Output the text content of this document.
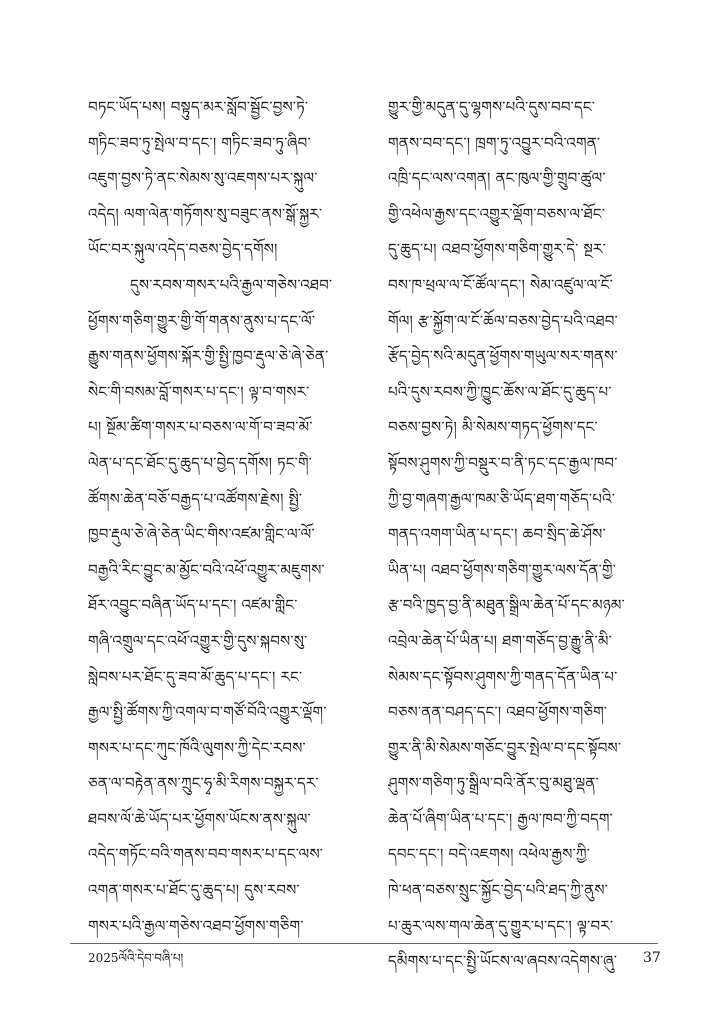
བཏང་ཡོད་པས། བསྟུད་མར་སློབ་སྦྱོང་བྱས་ཏེ་
གཏིང་ཟབ་ཏུ་སྤེལ་བ་དང་། གཏིང་ཟབ་ཏུ་ཞིབ་
འཇུག་བྱས་ཏེ་ནང་སེམས་སུ་འཇགས་པར་སྐུལ་
འདེད། ལག་ལེན་གཏོགས་སུ་བཟུང་ནས་སྒོ་སྐྱར་
ཡོང་བར་སྐུལ་འདེད་བཅས་བྱེད་དགོས།
དུས་རབས་གསར་པའི་རྒྱལ་གཅེས་འཐབ་
ཕྱོགས་གཅིག་གྱུར་གྱི་གོ་གནས་ནུས་པ་དང་ལོ་
རྒྱུས་གནས་ཕྱོགས་སྐོར་གྱི་སྤྱི་ཁྱབ་རྡུལ་ཅེ་ཞེ་ཅེན་
སེང་གི་བསམ་བློ་གསར་པ་དང་། ལྟ་བ་གསར་
པ། སྔོམ་ཚིག་གསར་པ་བཅས་ལ་གོ་བ་ཟབ་མོ་
ལེན་པ་དང་ཐོང་དུ་ཆུད་པ་བྱེད་དགོས། ཏང་གི་
ཚོགས་ཆེན་བཅོ་བརྒྱད་པ་འཚོགས་རྗེས། སྤྱི་
ཁྱབ་རྡུལ་ཅེ་ཞེ་ཅེན་ཡིང་གིས་འཛམ་གླིང་ལ་ལོ་
བརྒྱའི་རིང་བྱུང་མ་མྱོང་བའི་འཕོ་འགྱུར་མཇུགས་
ཐོར་འབྱུང་བཞིན་ཡོད་པ་དང་། འཛམ་གླིང་
གཞི་འགྲུལ་དང་འཕོ་འགྱུར་གྱི་དུས་སྐབས་སུ་
སླེབས་པར་ཐོང་དུ་ཟབ་མོ་ཆུད་པ་དང་། རང་
རྒྱལ་སྤྱི་ཚོགས་ཀྱི་འགལ་བ་གཙོ་བོའི་འགྱུར་ལྡོག་
གསར་པ་དང་ཀུང་ཁོའི་ལུགས་ཀྱི་དེང་རབས་
ཅན་ལ་བརྟེན་ནས་ཀྲུང་ཧྭ་མི་རིགས་བསྐྱར་དར་
ཐབས་ལོ་ཆེ་ཡོད་པར་ཕྱོགས་ཡོངས་ནས་སྐུལ་
འདེད་གཏོང་བའི་གནས་བབ་གསར་པ་དང་ལས་
འགན་གསར་པ་ཐོང་དུ་ཆུད་པ། དུས་རབས་
གསར་པའི་རྒྱལ་གཅེས་འཐབ་ཕྱོགས་གཅིག་
གྱུར་གྱི་མདུན་དུ་ལྷགས་པའི་དུས་བབ་དང་
གནས་བབ་དང་། ཁྲག་ཏུ་འབྱུར་བའི་འགན་
འཁྲི་དང་ལས་འགན། ནང་ཁུལ་གྱི་གྲུབ་ཚུལ་
གྱི་འཕེལ་རྒྱས་དང་འགྱུར་ལྡོག་བཅས་ལ་ཐོང་
དུ་ཆུད་པ། འཐབ་ཕྱོགས་གཅིག་གྱུར་དེ་ སྔར་
བས་ཁ་ཕྲལ་ལ་ངོ་ཚོལ་དང་། སེམ་འཛུལ་ལ་ངོ་
གོལ། རྩ་སྐྱོག་ལ་ངོ་ཆོལ་བཅས་བྱེད་པའི་འཐབ་
རྩོད་བྱེད་སའི་མདུན་ཕྱོགས་གཡུལ་སར་གནས་
པའི་དུས་རབས་ཀྱི་ཁྱུང་ཆོས་ལ་ཐོང་དུ་ཆུད་པ་
བཅས་བྱས་ཏེ། མི་སེམས་གཏད་ཕྱོགས་དང་
སྟོབས་ཤུགས་ཀྱི་བསྡུར་བ་ནི་ཏང་དང་རྒྱལ་ཁབ་
ཀྱི་བྱ་གཞག་རྒྱལ་ཁམ་ཅི་ཡོད་ཐག་གཅོད་པའི་
གནད་འགག་ཡིན་པ་དང་། ཆབ་སྲིད་ཆེ་ཤོས་
ཡིན་པ། འཐབ་ཕྱོགས་གཅིག་གྱུར་ལས་དོན་གྱི་
རྩ་བའི་ཁྱད་བྱ་ནི་མཐུན་སྒྲིལ་ཆེན་པོ་དང་མཉམ་
འབྲེལ་ཆེན་པོ་ཡིན་པ། ཐག་གཅོད་བྱ་རྒྱུ་ནི་མི་
སེམས་དང་སྟོབས་ཤུགས་ཀྱི་གནད་དོན་ཡིན་པ་
བཅས་ནན་བཤད་དང་། འཐབ་ཕྱོགས་གཅིག་
གྱུར་ནི་མི་སེམས་གཅོང་བྱུར་སྤེལ་བ་དང་སྟོབས་
ཤུགས་གཅིག་ཏུ་སྒྲིལ་བའི་ནོར་བུ་མཐུ་ལྡན་
ཆེན་པོ་ཞིག་ཡིན་པ་དང་། རྒྱལ་ཁབ་ཀྱི་བདག་
དབང་དང་། བདེ་འཇགས། འཕེལ་རྒྱས་ཀྱི་
ཁེ་ཕན་བཅས་སྲུང་སྐྱོང་བྱེད་པའི་ཐད་ཀྱི་ནུས་
པ་ཆུར་ལས་གལ་ཆེན་དུ་གྱུར་པ་དང་། ལྟ་བར་
དམིགས་པ་དང་སྤྱི་ཡོངས་ལ་ཞབས་འདེགས་ཞུ་
2025ལོའི་དེབ་བཞི་པ།	37
